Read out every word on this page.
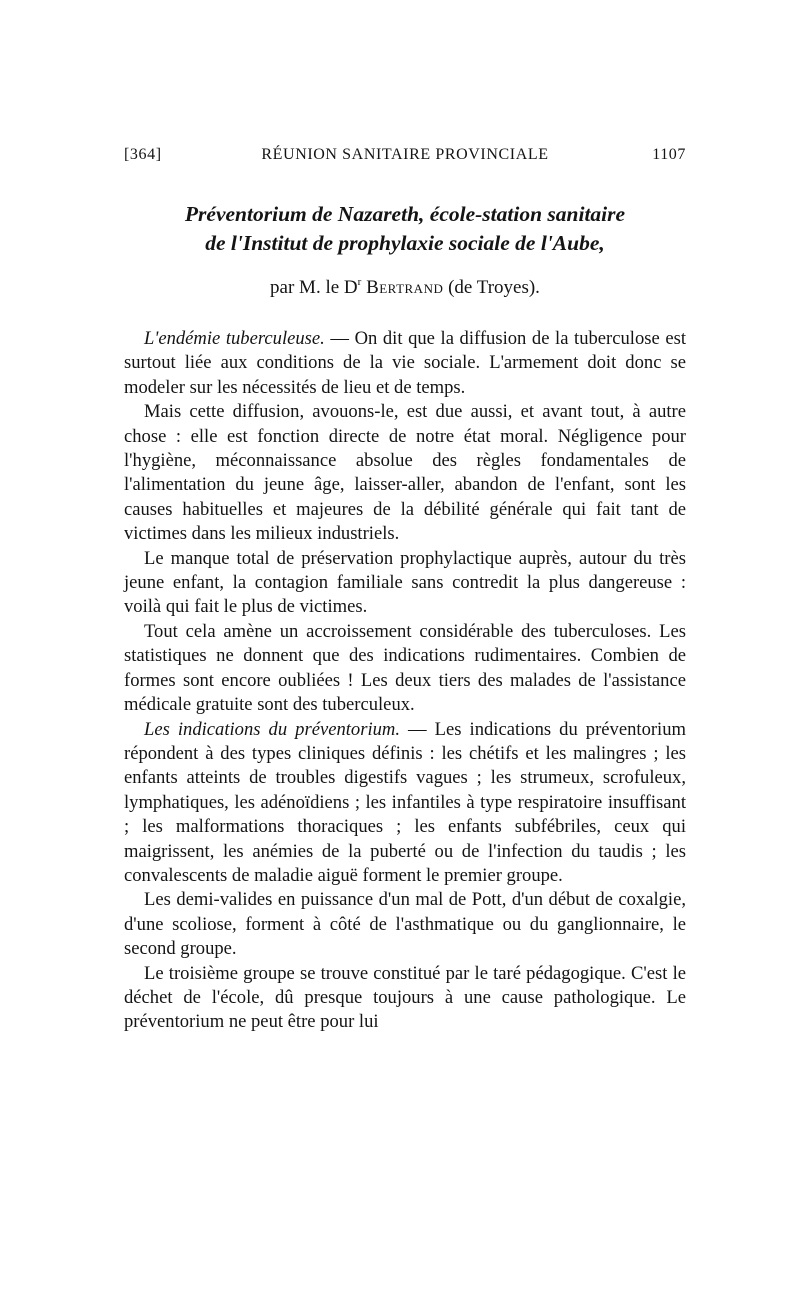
[364]	RÉUNION SANITAIRE PROVINCIALE	1107
Préventorium de Nazareth, école-station sanitaire
de l'Institut de prophylaxie sociale de l'Aube,
par M. le $D^r$ Bertrand (de Troyes).

L'endémie tuberculeuse. — On dit que la diffusion de la tuberculose est surtout liée aux conditions de la vie sociale. L'armement doit donc se modeler sur les nécessités de lieu et de temps.

Mais cette diffusion, avouons-le, est due aussi, et avant tout, à autre chose : elle est fonction directe de notre état moral. Négligence pour l'hygiène, méconnaissance absolue des règles fondamentales de l'alimentation du jeune âge, laisser-aller, abandon de l'enfant, sont les causes habituelles et majeures de la débilité générale qui fait tant de victimes dans les milieux industriels.

Le manque total de préservation prophylactique auprès, autour du très jeune enfant, la contagion familiale sans contredit la plus dangereuse : voilà qui fait le plus de victimes.

Tout cela amène un accroissement considérable des tuberculoses. Les statistiques ne donnent que des indications rudimentaires. Combien de formes sont encore oubliées ! Les deux tiers des malades de l'assistance médicale gratuite sont des tuberculeux.

Les indications du préventorium. — Les indications du préventorium répondent à des types cliniques définis : les chétifs et les malingres ; les enfants atteints de troubles digestifs vagues ; les strumeux, scrofuleux, lymphatiques, les adénoïdiens ; les infantiles à type respiratoire insuffisant ; les malformations thoraciques ; les enfants subfébriles, ceux qui maigrissent, les anémies de la puberté ou de l'infection du taudis ; les convalescents de maladie aiguë forment le premier groupe.

Les demi-valides en puissance d'un mal de Pott, d'un début de coxalgie, d'une scoliose, forment à côté de l'asthmatique ou du ganglionnaire, le second groupe.

Le troisième groupe se trouve constitué par le taré pédagogique. C'est le déchet de l'école, dû presque toujours à une cause pathologique. Le préventorium ne peut être pour lui
